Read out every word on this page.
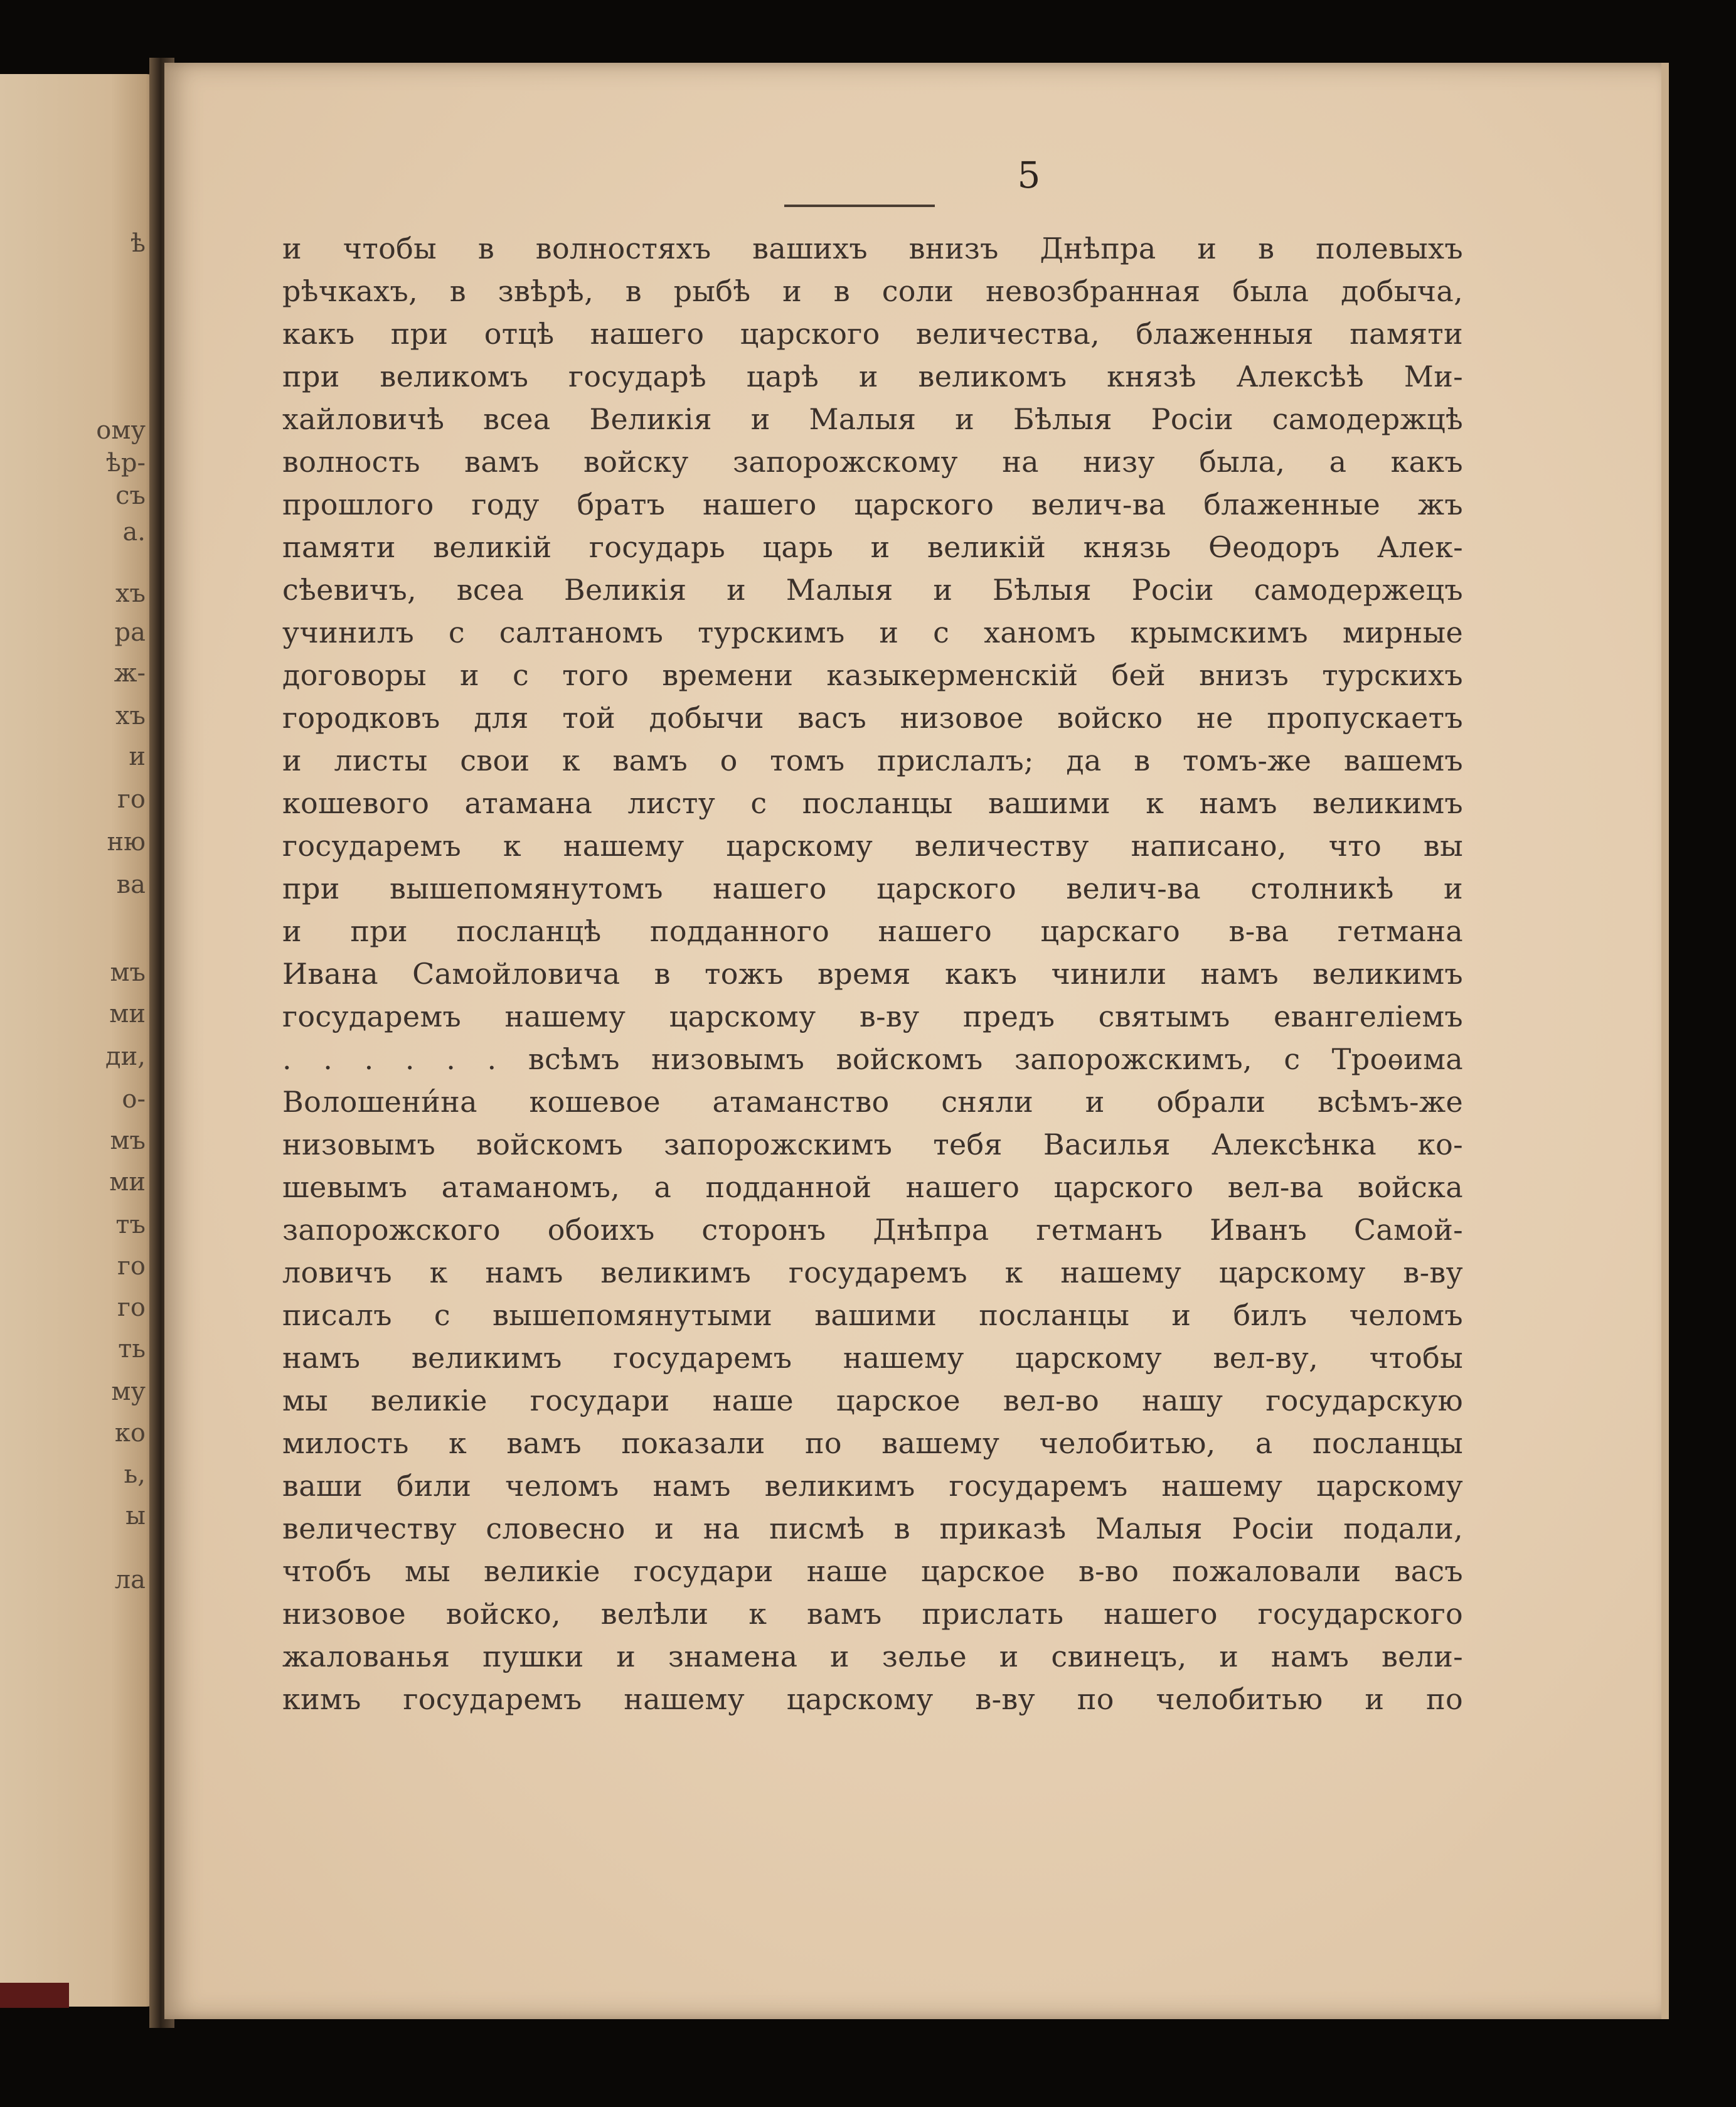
ѣ

ому

ѣр-

съ

а.

хъ

ра

ж-

хъ

и

го

ню

ва

мъ

ми

ди,

о-

мъ

ми

тъ

го

го

ть

му

ко

ь,

ы

ла

5

и чтобы в волностяхъ вашихъ внизъ Днѣпра и в полевыхъ

рѣчкахъ, в звѣрѣ, в рыбѣ и в соли невозбранная была добыча,

какъ при отцѣ нашего царского величества, блаженныя памяти

при великомъ государѣ царѣ и великомъ князѣ Алексѣѣ Ми-

хайловичѣ всеа Великія и Малыя и Бѣлыя Росіи самодержцѣ

волность вамъ войску запорожскому на низу была, а какъ

прошлого году братъ нашего царского велич-ва блаженные жъ

памяти великій государь царь и великій князь Ѳеодоръ Алек-

сѣевичъ, всеа Великія и Малыя и Бѣлыя Росіи самодержецъ

учинилъ с салтаномъ турскимъ и с ханомъ крымскимъ мирные

договоры и с того времени казыкерменскій бей внизъ турскихъ

городковъ для той добычи васъ низовое войско не пропускаетъ

и листы свои к вамъ о томъ прислалъ; да в томъ-же вашемъ

кошевого атамана листу с посланцы вашими к намъ великимъ

государемъ к нашему царскому величеству написано, что вы

при вышепомянутомъ нашего царского велич-ва столникѣ и

и при посланцѣ подданного нашего царскаго в-ва гетмана

Ивана Самойловича в тожъ время какъ чинили намъ великимъ

государемъ нашему царскому в-ву предъ святымъ евангеліемъ

. . . . . . всѣмъ низовымъ войскомъ запорожскимъ, с Троѳима

Волошени́на кошевое атаманство сняли и обрали всѣмъ-же

низовымъ войскомъ запорожскимъ тебя Василья Алексѣнка ко-

шевымъ атаманомъ, а подданной нашего царского вел-ва войска

запорожского обоихъ сторонъ Днѣпра гетманъ Иванъ Самой-

ловичъ к намъ великимъ государемъ к нашему царскому в-ву

писалъ с вышепомянутыми вашими посланцы и билъ челомъ

намъ великимъ государемъ нашему царскому вел-ву, чтобы

мы великіе государи наше царское вел-во нашу государскую

милость к вамъ показали по вашему челобитью, а посланцы

ваши били челомъ намъ великимъ государемъ нашему царскому

величеству словесно и на писмѣ в приказѣ Малыя Росіи подали,

чтобъ мы великіе государи наше царское в-во пожаловали васъ

низовое войско, велѣли к вамъ прислать нашего государского

жалованья пушки и знамена и зелье и свинецъ, и намъ вели-

кимъ государемъ нашему царскому в-ву по челобитью и по
